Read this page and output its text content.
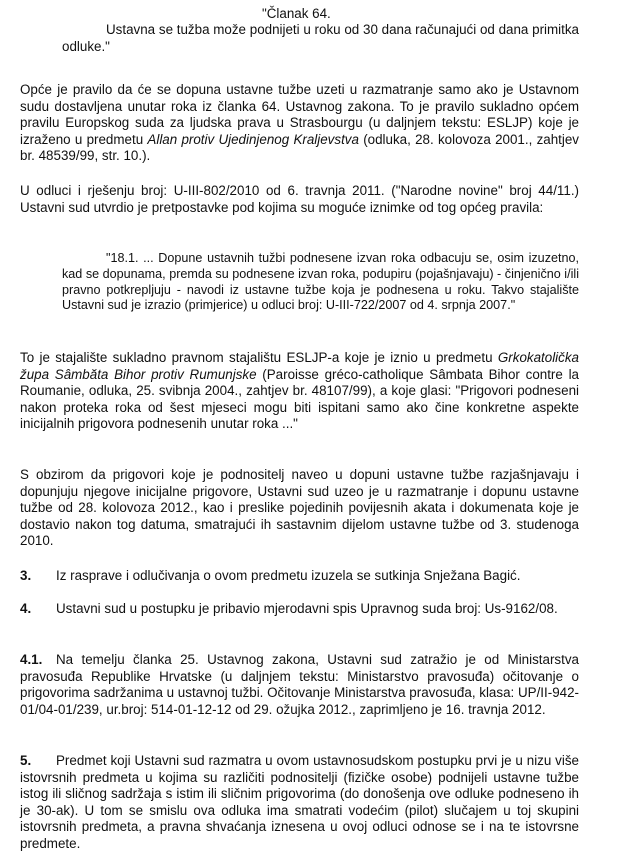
"Članak 64.

Ustavna se tužba može podnijeti u roku od 30 dana računajući od dana primitka odluke."

Opće je pravilo da će se dopuna ustavne tužbe uzeti u razmatranje samo ako je Ustavnom sudu dostavljena unutar roka iz članka 64. Ustavnog zakona. To je pravilo sukladno općem pravilu Europskog suda za ljudska prava u Strasbourgu (u daljnjem tekstu: ESLJP) koje je izraženo u predmetu Allan protiv Ujedinjenog Kraljevstva (odluka, 28. kolovoza 2001., zahtjev br. 48539/99, str. 10.).

U odluci i rješenju broj: U-III-802/2010 od 6. travnja 2011. ("Narodne novine" broj 44/11.) Ustavni sud utvrdio je pretpostavke pod kojima su moguće iznimke od tog općeg pravila:

"18.1. ... Dopune ustavnih tužbi podnesene izvan roka odbacuju se, osim izuzetno, kad se dopunama, premda su podnesene izvan roka, podupiru (pojašnjavaju) - činjenično i/ili pravno potkrepljuju - navodi iz ustavne tužbe koja je podnesena u roku. Takvo stajalište Ustavni sud je izrazio (primjerice) u odluci broj: U-III-722/2007 od 4. srpnja 2007."

To je stajalište sukladno pravnom stajalištu ESLJP-a koje je iznio u predmetu Grkokatolička župa Sâmbăta Bihor protiv Rumunjske (Paroisse gréco-catholique Sâmbata Bihor contre la Roumanie, odluka, 25. svibnja 2004., zahtjev br. 48107/99), a koje glasi: "Prigovori podneseni nakon proteka roka od šest mjeseci mogu biti ispitani samo ako čine konkretne aspekte inicijalnih prigovora podnesenih unutar roka ..."

S obzirom da prigovori koje je podnositelj naveo u dopuni ustavne tužbe razjašnjavaju i dopunjuju njegove inicijalne prigovore, Ustavni sud uzeo je u razmatranje i dopunu ustavne tužbe od 28. kolovoza 2012., kao i preslike pojedinih povijesnih akata i dokumenata koje je dostavio nakon tog datuma, smatrajući ih sastavnim dijelom ustavne tužbe od 3. studenoga 2010.

3. Iz rasprave i odlučivanja o ovom predmetu izuzela se sutkinja Snježana Bagić.

4. Ustavni sud u postupku je pribavio mjerodavni spis Upravnog suda broj: Us-9162/08.

4.1. Na temelju članka 25. Ustavnog zakona, Ustavni sud zatražio je od Ministarstva pravosuđa Republike Hrvatske (u daljnjem tekstu: Ministarstvo pravosuđa) očitovanje o prigovorima sadržanima u ustavnoj tužbi. Očitovanje Ministarstva pravosuđa, klasa: UP/II-942-01/04-01/239, ur.broj: 514-01-12-12 od 29. ožujka 2012., zaprimljeno je 16. travnja 2012.

5. Predmet koji Ustavni sud razmatra u ovom ustavnosudskom postupku prvi je u nizu više istovrsnih predmeta u kojima su različiti podnositelji (fizičke osobe) podnijeli ustavne tužbe istog ili sličnog sadržaja s istim ili sličnim prigovorima (do donošenja ove odluke podneseno ih je 30-ak). U tom se smislu ova odluka ima smatrati vodećim (pilot) slučajem u toj skupini istovrsnih predmeta, a pravna shvaćanja iznesena u ovoj odluci odnose se i na te istovrsne predmete.
